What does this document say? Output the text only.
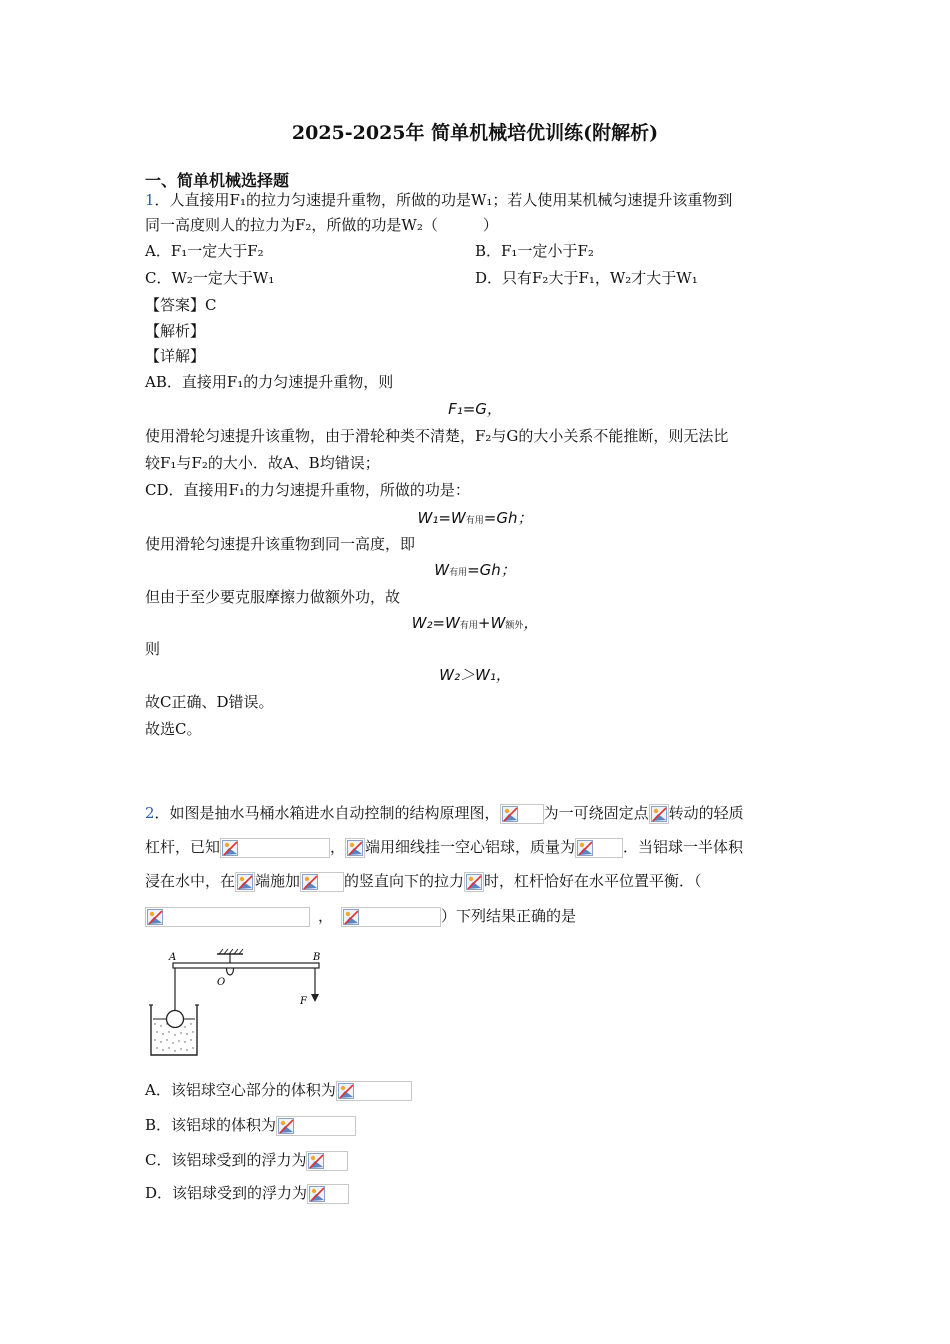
2025-2025年 简单机械培优训练(附解析)
一、简单机械选择题
1．人直接用F₁的拉力匀速提升重物，所做的功是W₁；若人使用某机械匀速提升该重物到
同一高度则人的拉力为F₂，所做的功是W₂（　　　）
A．F₁一定大于F₂	B．F₁一定小于F₂
C．W₂一定大于W₁	D．只有F₂大于F₁，W₂才大于W₁
【答案】C
【解析】
【详解】
AB．直接用F₁的力匀速提升重物，则
F₁=G，
使用滑轮匀速提升该重物，由于滑轮种类不清楚，F₂与G的大小关系不能推断，则无法比
较F₁与F₂的大小．故A、B均错误；
CD．直接用F₁的力匀速提升重物，所做的功是：
W₁=W有用=Gh；
使用滑轮匀速提升该重物到同一高度，即
W有用=Gh；
但由于至少要克服摩擦力做额外功，故
W₂=W有用+W额外，
则
W₂＞W₁，
故C正确、D错误。
故选C。
2．如图是抽水马桶水箱进水自动控制的结构原理图，	为一可绕固定点 转动的轻质
杠杆，已知	， 端用细线挂一空心铝球，质量为	．当铝球一半体积
浸在水中，在 端施加	的竖直向下的拉力 时，杠杆恰好在水平位置平衡．（
，	）下列结果正确的是
A	B
O
F
A．该铝球空心部分的体积为
B．该铝球的体积为
C．该铝球受到的浮力为
D．该铝球受到的浮力为
